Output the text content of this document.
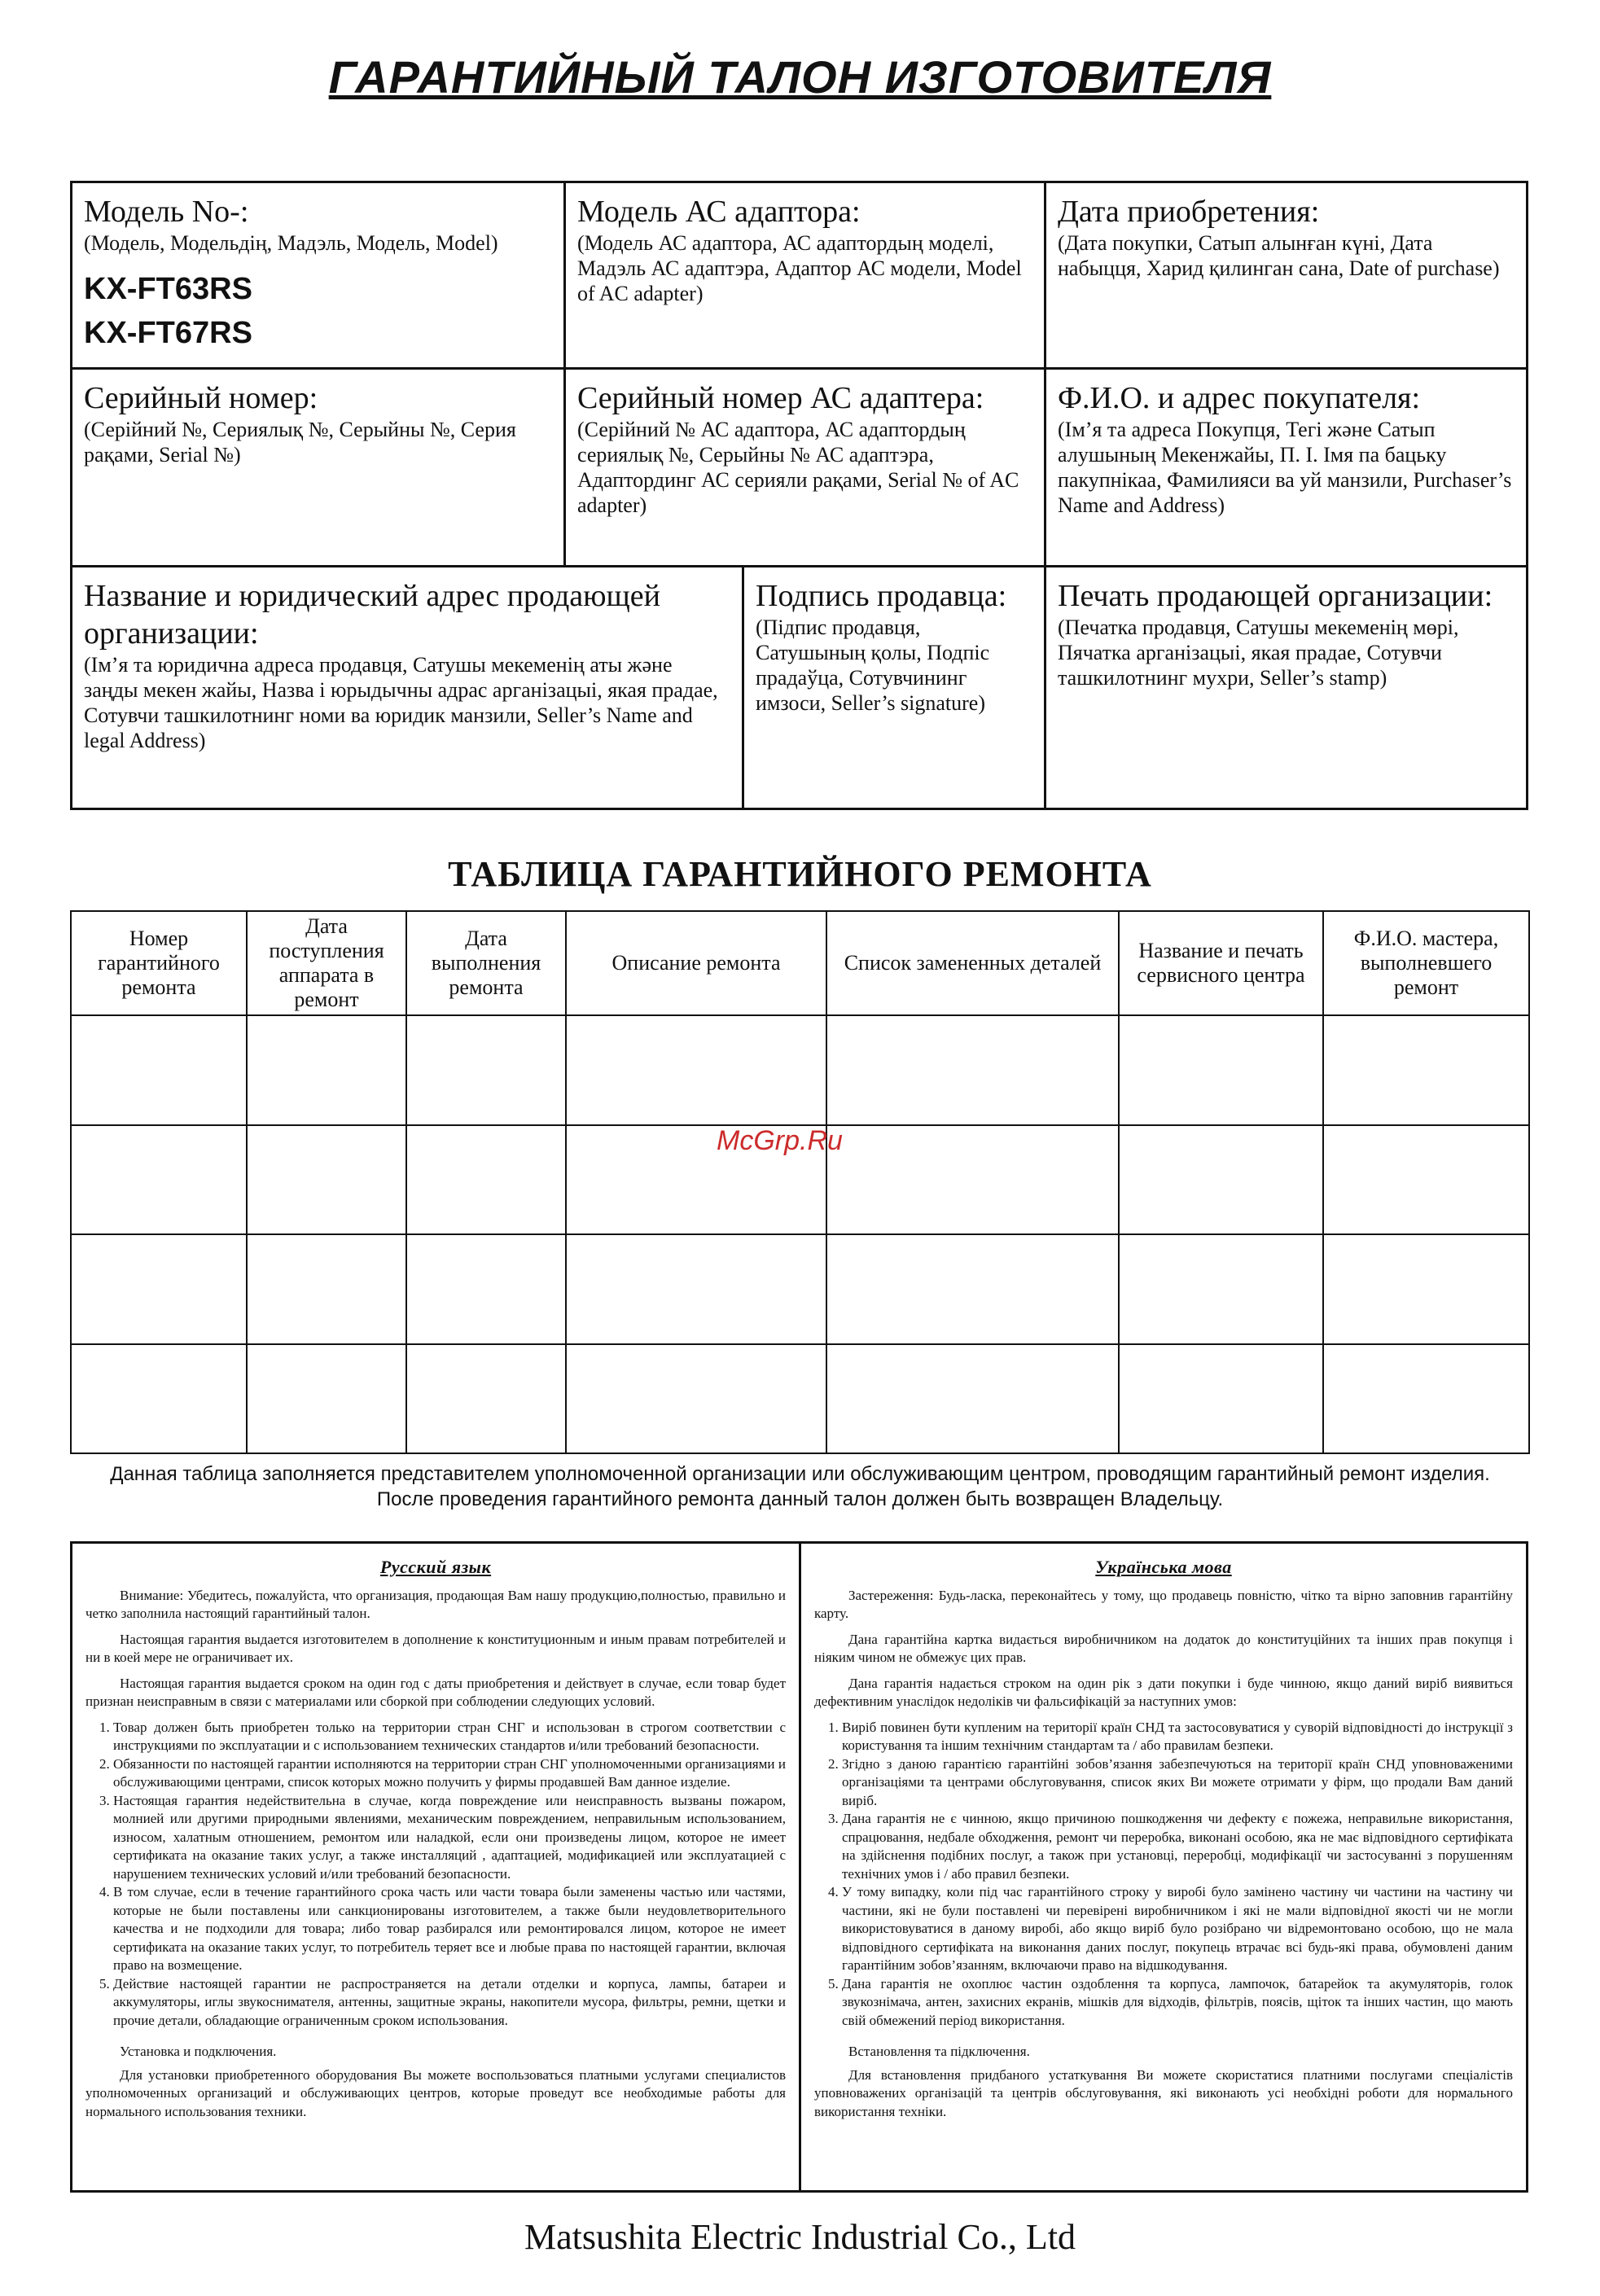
ГАРАНТИЙНЫЙ ТАЛОН ИЗГОТОВИТЕЛЯ
Модель No-:
(Модель, Модельдің, Мадэль, Модель, Model)
KX-FT63RS
KX-FT67RS
Модель АС адаптора:
(Модель АС адаптора, АС адаптордың моделі, Мадэль АС адаптэра, Адаптор АС модели, Model of AC adapter)
Дата приобретения:
(Дата покупки, Сатып алынған күні, Дата набыцця, Харид қилинган сана, Date of purchase)
Серийный номер:
(Серійний №, Сериялық №, Серыйны №, Серия рақами, Serial №)
Серийный номер АС адаптера:
(Серійний № АС адаптора, АС адаптордың сериялық №, Серыйны № АС адаптэра, Адаптординг АС серияли рақами, Serial № of AC adapter)
Ф.И.О. и адрес покупателя:
(Ім’я та адреса Покупця, Тегі және Сатып алушының Мекенжайы, П. І. Імя па бацьку пакупнікаа, Фамилияси ва уй манзили, Purchaser’s Name and Address)
Название и юридический адрес продающей организации:
(Ім’я та юридична адреса продавця, Сатушы мекеменің аты және заңды мекен жайы, Назва і юрыдычны адрас арганізацыі, якая прадае, Сотувчи ташкилотнинг номи ва юридик манзили, Seller’s Name and legal Address)
Подпись продавца:
(Підпис продавця, Сатушының қолы, Подпіс прадаўца, Сотувчининг имзоси, Seller’s signature)
Печать продающей организации:
(Печатка продавця, Сатушы мекеменің мөрі, Пячатка арганізацыі, якая прадае, Сотувчи ташкилотнинг мухри, Seller’s stamp)
ТАБЛИЦА ГАРАНТИЙНОГО РЕМОНТА
Номер гарантийного ремонта	Дата поступления аппарата в ремонт	Дата выполнения ремонта	Описание ремонта	Список замененных деталей	Название и печать сервисного центра	Ф.И.О. мастера, выполневшего ремонт

McGrp.Ru
Данная таблица заполняется представителем уполномоченной организации или обслуживающим центром, проводящим гарантийный ремонт изделия.
После проведения гарантийного ремонта данный талон должен быть возвращен Владельцу.
Русский язык

Внимание: Убедитесь, пожалуйста, что организация, продающая Вам нашу продукцию,полностью, правильно и четко заполнила настоящий гарантийный талон.

Настоящая гарантия выдается изготовителем в дополнение к конституционным и иным правам потребителей и ни в коей мере не ограничивает их.

Настоящая гарантия выдается сроком на один год с даты приобретения и действует в случае, если товар будет признан неисправным в связи с материалами или сборкой при соблюдении следующих условий.

1. Товар должен быть приобретен только на территории стран СНГ и использован в строгом соответствии с инструкциями по эксплуатации и с использованием технических стандартов и/или требований безопасности.
2. Обязанности по настоящей гарантии исполняются на территории стран СНГ уполномоченными организациями и обслуживающими центрами, список которых можно получить у фирмы продавшей Вам данное изделие.
3. Настоящая гарантия недействительна в случае, когда повреждение или неисправность вызваны пожаром, молнией или другими природными явлениями, механическим повреждением, неправильным использованием, износом, халатным отношением, ремонтом или наладкой, если они произведены лицом, которое не имеет сертификата на оказание таких услуг, а также инсталляций , адаптацией, модификацией или эксплуатацией с нарушением технических условий и/или требований безопасности.
4. В том случае, если в течение гарантийного срока часть или части товара были заменены частью или частями, которые не были поставлены или санкционированы изготовителем, а также были неудовлетворительного качества и не подходили для товара; либо товар разбирался или ремонтировался лицом, которое не имеет сертификата на оказание таких услуг, то потребитель теряет все и любые права по настоящей гарантии, включая право на возмещение.
5. Действие настоящей гарантии не распространяется на детали отделки и корпуса, лампы, батареи и аккумуляторы, иглы звукоснимателя, антенны, защитные экраны, накопители мусора, фильтры, ремни, щетки и прочие детали, обладающие ограниченным сроком использования.

Установка и подключения.

Для установки приобретенного оборудования Вы можете воспользоваться платными услугами специалистов уполномоченных организаций и обслуживающих центров, которые проведут все необходимые работы для нормального использования техники.

Українська мова

Застереження: Будь-ласка, переконайтесь у тому, що продавець повністю, чітко та вірно заповнив гарантійну карту.

Дана гарантійна картка видається виробничником на додаток до конституційних та інших прав покупця і ніяким чином не обмежує цих прав.

Дана гарантія надається строком на один рік з дати покупки і буде чинною, якщо даний виріб виявиться дефективним унаслідок недоліків чи фальсифікацій за наступних умов:

1. Виріб повинен бути купленим на території країн СНД та застосовуватися у суворій відповідності до інструкції з користування та іншим технічним стандартам та / або правилам безпеки.
2. Згідно з даною гарантією гарантійні зобов’язання забезпечуються на території країн СНД уповноваженими організаціями та центрами обслуговування, список яких Ви можете отримати у фірм, що продали Вам даний виріб.
3. Дана гарантія не є чинною, якщо причиною пошкодження чи дефекту є пожежа, неправильне використання, спрацювання, недбале обходження, ремонт чи переробка, виконані особою, яка не має відповідного сертифіката на здійснення подібних послуг, а також при установці, переробці, модифікації чи застосуванні з порушенням технічних умов і / або правил безпеки.
4. У тому випадку, коли під час гарантійного строку у виробі було замінено частину чи частини на частину чи частини, які не були поставлені чи перевірені виробничником і які не мали відповідної якості чи не могли використовуватися в даному виробі, або якщо виріб було розібрано чи відремонтовано особою, що не мала відповідного сертифіката на виконання даних послуг, покупець втрачає всі будь-які права, обумовлені даним гарантійним зобов’язанням, включаючи право на відшкодування.
5. Дана гарантія не охоплює частин оздоблення та корпуса, лампочок, батарейок та акумуляторів, голок звукознімача, антен, захисних екранів, мішків для відходів, фільтрів, поясів, щіток та інших частин, що мають свій обмежений період використання.

Встановлення та підключення.

Для встановлення придбаного устаткування Ви можете скористатися платними послугами спеціалістів уповноважених організацій та центрів обслуговування, які виконають усі необхідні роботи для нормального використання техніки.

Matsushita Electric Industrial Co., Ltd
